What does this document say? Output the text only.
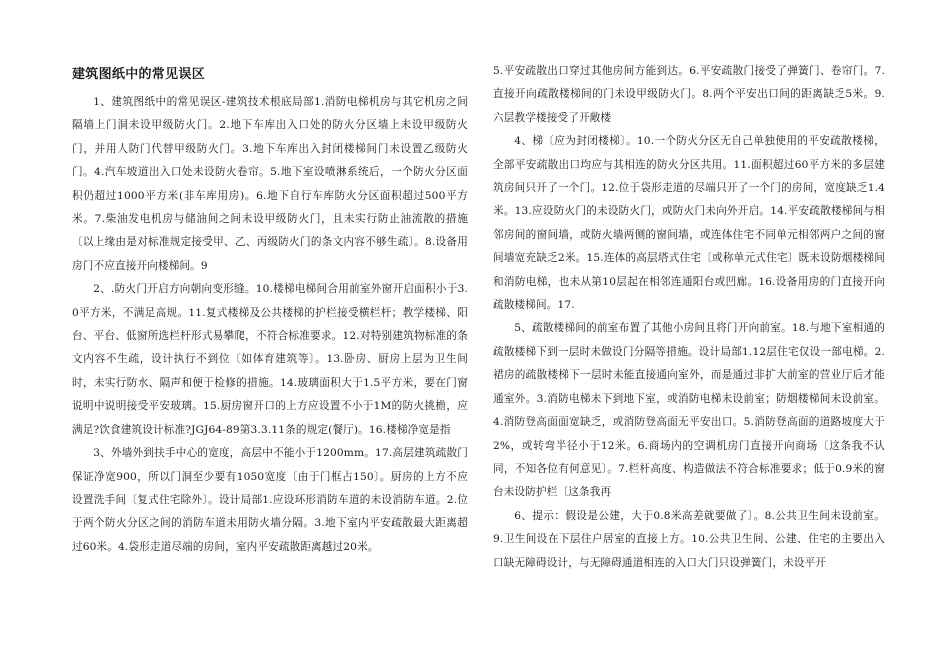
建筑图纸中的常见误区

1、建筑图纸中的常见误区-建筑技术根底局部1.消防电梯机房与其它机房之间隔墙上门洞未设甲级防火门。2.地下车库出入口处的防火分区墙上未设甲级防火门，并用人防门代替甲级防火门。3.地下车库出入封闭楼梯间门未设置乙级防火门。4.汽车坡道出入口处未设防火卷帘。5.地下室设喷淋系统后，一个防火分区面积仍超过1000平方米(非车库用房)。6.地下自行车库防火分区面积超过500平方米。7.柴油发电机房与储油间之间未设甲级防火门，且未实行防止油流散的措施〔以上缘由是对标准规定接受甲、乙、丙级防火门的条文内容不够生疏〕。8.设备用房门不应直接开向楼梯间。9

2、.防火门开启方向朝向变形缝。10.楼梯电梯间合用前室外窗开启面积小于3.0平方米，不满足高规。11.复式楼梯及公共楼梯的护栏接受横栏杆；教学楼梯、阳台、平台、低窗所选栏杆形式易攀爬，不符合标准要求。12.对特别建筑物标准的条文内容不生疏，设计执行不到位〔如体育建筑等〕。13.卧房、厨房上层为卫生间时，未实行防水、隔声和便于检修的措施。14.玻璃面积大于1.5平方米，要在门窗说明中说明接受平安玻璃。15.厨房窗开口的上方应设置不小于1M的防火挑檐，应满足?饮食建筑设计标准?JGJ64-89第3.3.11条的规定(餐厅)。16.楼梯净宽是指

3、外墙外到扶手中心的宽度，高层中不能小于1200mm。17.高层建筑疏散门保证净宽900，所以门洞至少要有1050宽度〔由于门框占150〕。厨房的上方不应设置洗手间〔复式住宅除外〕。设计局部1.应设环形消防车道的未设消防车道。2.位于两个防火分区之间的消防车道未用防火墙分隔。3.地下室内平安疏散最大距离超过60米。4.袋形走道尽端的房间，室内平安疏散距离越过20米。

5.平安疏散出口穿过其他房间方能到达。6.平安疏散门接受了弹簧门、卷帘门。7.直接开向疏散楼梯间的门未设甲级防火门。8.两个平安出口间的距离缺乏5米。9.六层教学楼接受了开敞楼

4、梯〔应为封闭楼梯〕。10.一个防火分区无自己单独使用的平安疏散楼梯，全部平安疏散出口均应与其相连的防火分区共用。11.面积超过60平方米的多层建筑房间只开了一个门。12.位于袋形走道的尽端只开了一个门的房间，宽度缺乏1.4米。13.应设防火门的未设防火门，或防火门未向外开启。14.平安疏散楼梯间与相邻房间的窗间墙，或防火墙两侧的窗间墙，或连体住宅不同单元相邻两户之间的窗间墙宽充缺乏2米。15.连体的高层塔式住宅〔或称单元式住宅〕既未设防烟楼梯间和消防电梯，也未从第10层起在相邻连通阳台或凹廊。16.设备用房的门直接开向疏散楼梯间。17.

5、疏散楼梯间的前室布置了其他小房间且将门开向前室。18.与地下室相通的疏散楼梯下到一层时未做设门分隔等措施。设计局部1.12层住宅仅设一部电梯。2.裙房的疏散楼梯下一层时未能直接通向室外，而是通过非扩大前室的营业厅后才能通室外。3.消防电梯未下到地下室，或消防电梯未设前室；防烟楼梯间未设前室。4.消防登高面面宽缺乏，或消防登高面无平安出口。5.消防登高面的道路坡度大于2%，或转弯半径小于12米。6.商场内的空调机房门直接开向商场〔这条我不认同，不知各位有何意见〕。7.栏杆高度、构造做法不符合标准要求；低于0.9米的窗台未设防护栏〔这条我再

6、提示：假设是公建，大于0.8米高差就要做了〕。8.公共卫生间未设前室。9.卫生间设在下层住户居室的直接上方。10.公共卫生间、公建、住宅的主要出入口缺无障碍设计，与无障碍通道相连的入口大门只设弹簧门，未设平开
